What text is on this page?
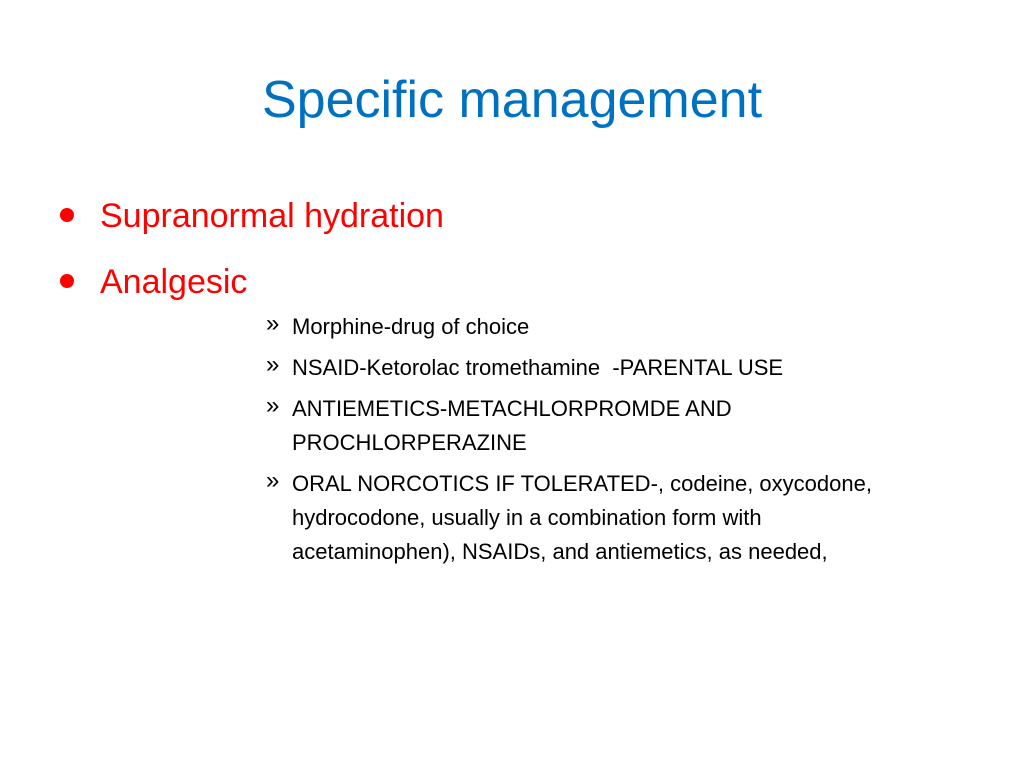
Specific management
Supranormal hydration
Analgesic
» Morphine-drug of choice
» NSAID-Ketorolac tromethamine  -PARENTAL USE
» ANTIEMETICS-METACHLORPROMDE AND
PROCHLORPERAZINE
» ORAL NORCOTICS IF TOLERATED-, codeine, oxycodone,
hydrocodone, usually in a combination form with
acetaminophen), NSAIDs, and antiemetics, as needed,
